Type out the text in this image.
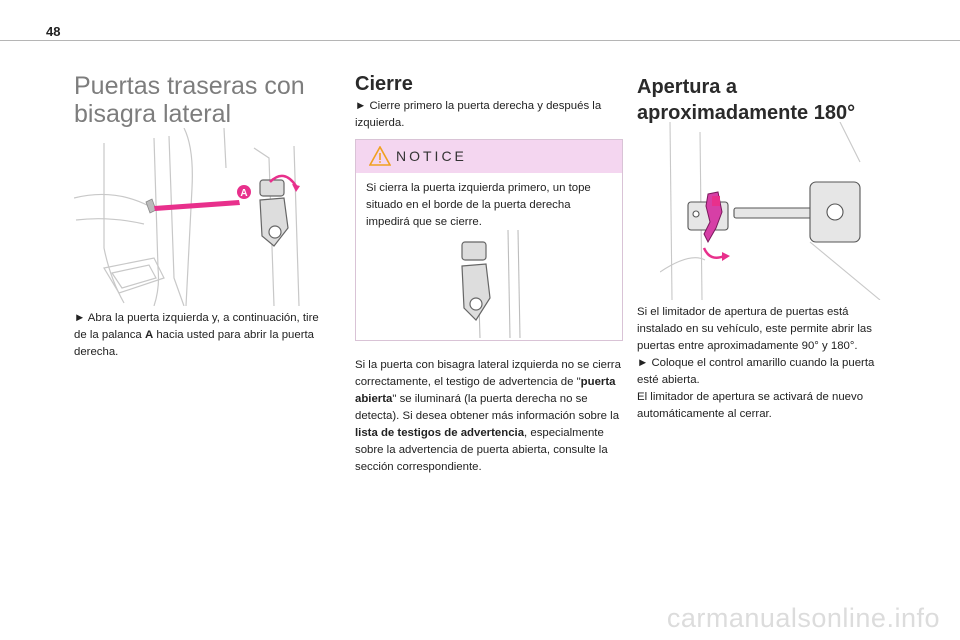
48
Puertas traseras con bisagra lateral
A

► Abra la puerta izquierda y, a continuación, tire de la palanca A hacia usted para abrir la puerta derecha.

Cierre

► Cierre primero la puerta derecha y después la izquierda.

NOTICE

Si cierra la puerta izquierda primero, un tope situado en el borde de la puerta derecha impedirá que se cierre.

Si la puerta con bisagra lateral izquierda no se cierra correctamente, el testigo de advertencia de "puerta abierta" se iluminará (la puerta derecha no se detecta). Si desea obtener más información sobre la lista de testigos de advertencia, especialmente sobre la advertencia de puerta abierta, consulte la sección correspondiente.

Apertura a aproximadamente 180°

Si el limitador de apertura de puertas está instalado en su vehículo, este permite abrir las puertas entre aproximadamente 90° y 180°.

► Coloque el control amarillo cuando la puerta esté abierta.

El limitador de apertura se activará de nuevo automáticamente al cerrar.

carmanualsonline.info
